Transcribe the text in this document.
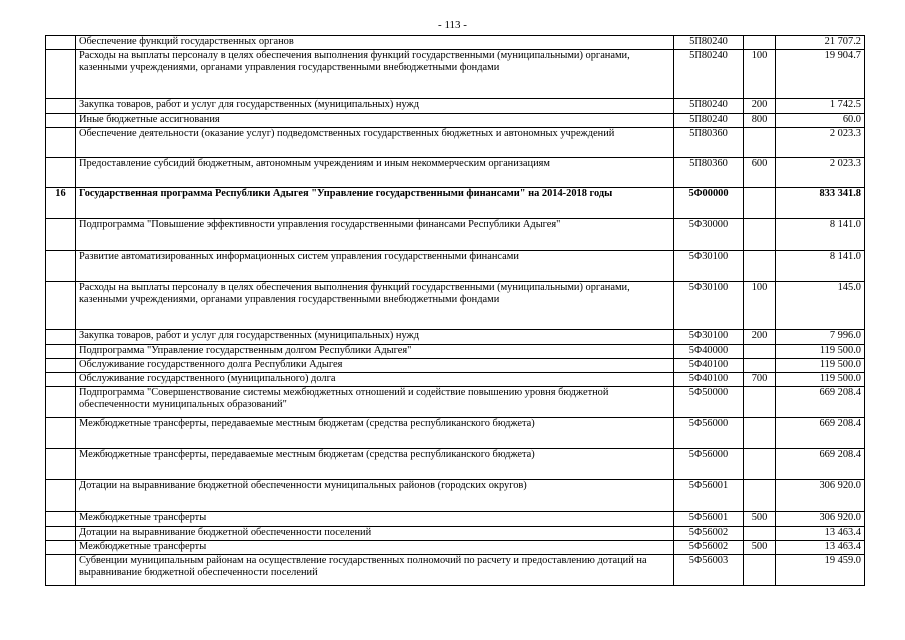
- 113 -
	Обеспечение функций государственных органов	5П80240		21 707.2
	Расходы на выплаты персоналу в целях обеспечения выполнения функций государственными (муниципальными) органами, казенными учреждениями, органами управления государственными внебюджетными фондами	5П80240	100	19 904.7
	Закупка товаров, работ и услуг для государственных (муниципальных) нужд	5П80240	200	1 742.5
	Иные бюджетные ассигнования	5П80240	800	60.0
	Обеспечение деятельности (оказание услуг) подведомственных государственных бюджетных и автономных учреждений	5П80360		2 023.3
	Предоставление субсидий бюджетным, автономным учреждениям и иным некоммерческим организациям	5П80360	600	2 023.3
16	Государственная программа Республики Адыгея "Управление государственными финансами" на 2014-2018 годы	5Ф00000		833 341.8
	Подпрограмма "Повышение эффективности управления государственными финансами Республики Адыгея"	5Ф30000		8 141.0
	Развитие автоматизированных информационных систем управления государственными финансами	5Ф30100		8 141.0
	Расходы на выплаты персоналу в целях обеспечения выполнения функций государственными (муниципальными) органами, казенными учреждениями, органами управления государственными внебюджетными фондами	5Ф30100	100	145.0
	Закупка товаров, работ и услуг для государственных (муниципальных) нужд	5Ф30100	200	7 996.0
	Подпрограмма "Управление государственным долгом Республики Адыгея"	5Ф40000		119 500.0
	Обслуживание государственного долга Республики Адыгея	5Ф40100		119 500.0
	Обслуживание государственного (муниципального) долга	5Ф40100	700	119 500.0
	Подпрограмма "Совершенствование системы межбюджетных отношений и содействие повышению уровня бюджетной обеспеченности муниципальных образований"	5Ф50000		669 208.4
	Межбюджетные трансферты, передаваемые местным бюджетам (средства республиканского бюджета)	5Ф56000		669 208.4
	Межбюджетные трансферты, передаваемые местным бюджетам (средства республиканского бюджета)	5Ф56000		669 208.4
	Дотации на выравнивание бюджетной обеспеченности муниципальных районов (городских округов)	5Ф56001		306 920.0
	Межбюджетные трансферты	5Ф56001	500	306 920.0
	Дотации на выравнивание бюджетной обеспеченности поселений	5Ф56002		13 463.4
	Межбюджетные трансферты	5Ф56002	500	13 463.4
	Субвенции муниципальным районам на осуществление государственных полномочий по расчету и предоставлению дотаций на выравнивание бюджетной обеспеченности поселений	5Ф56003		19 459.0
